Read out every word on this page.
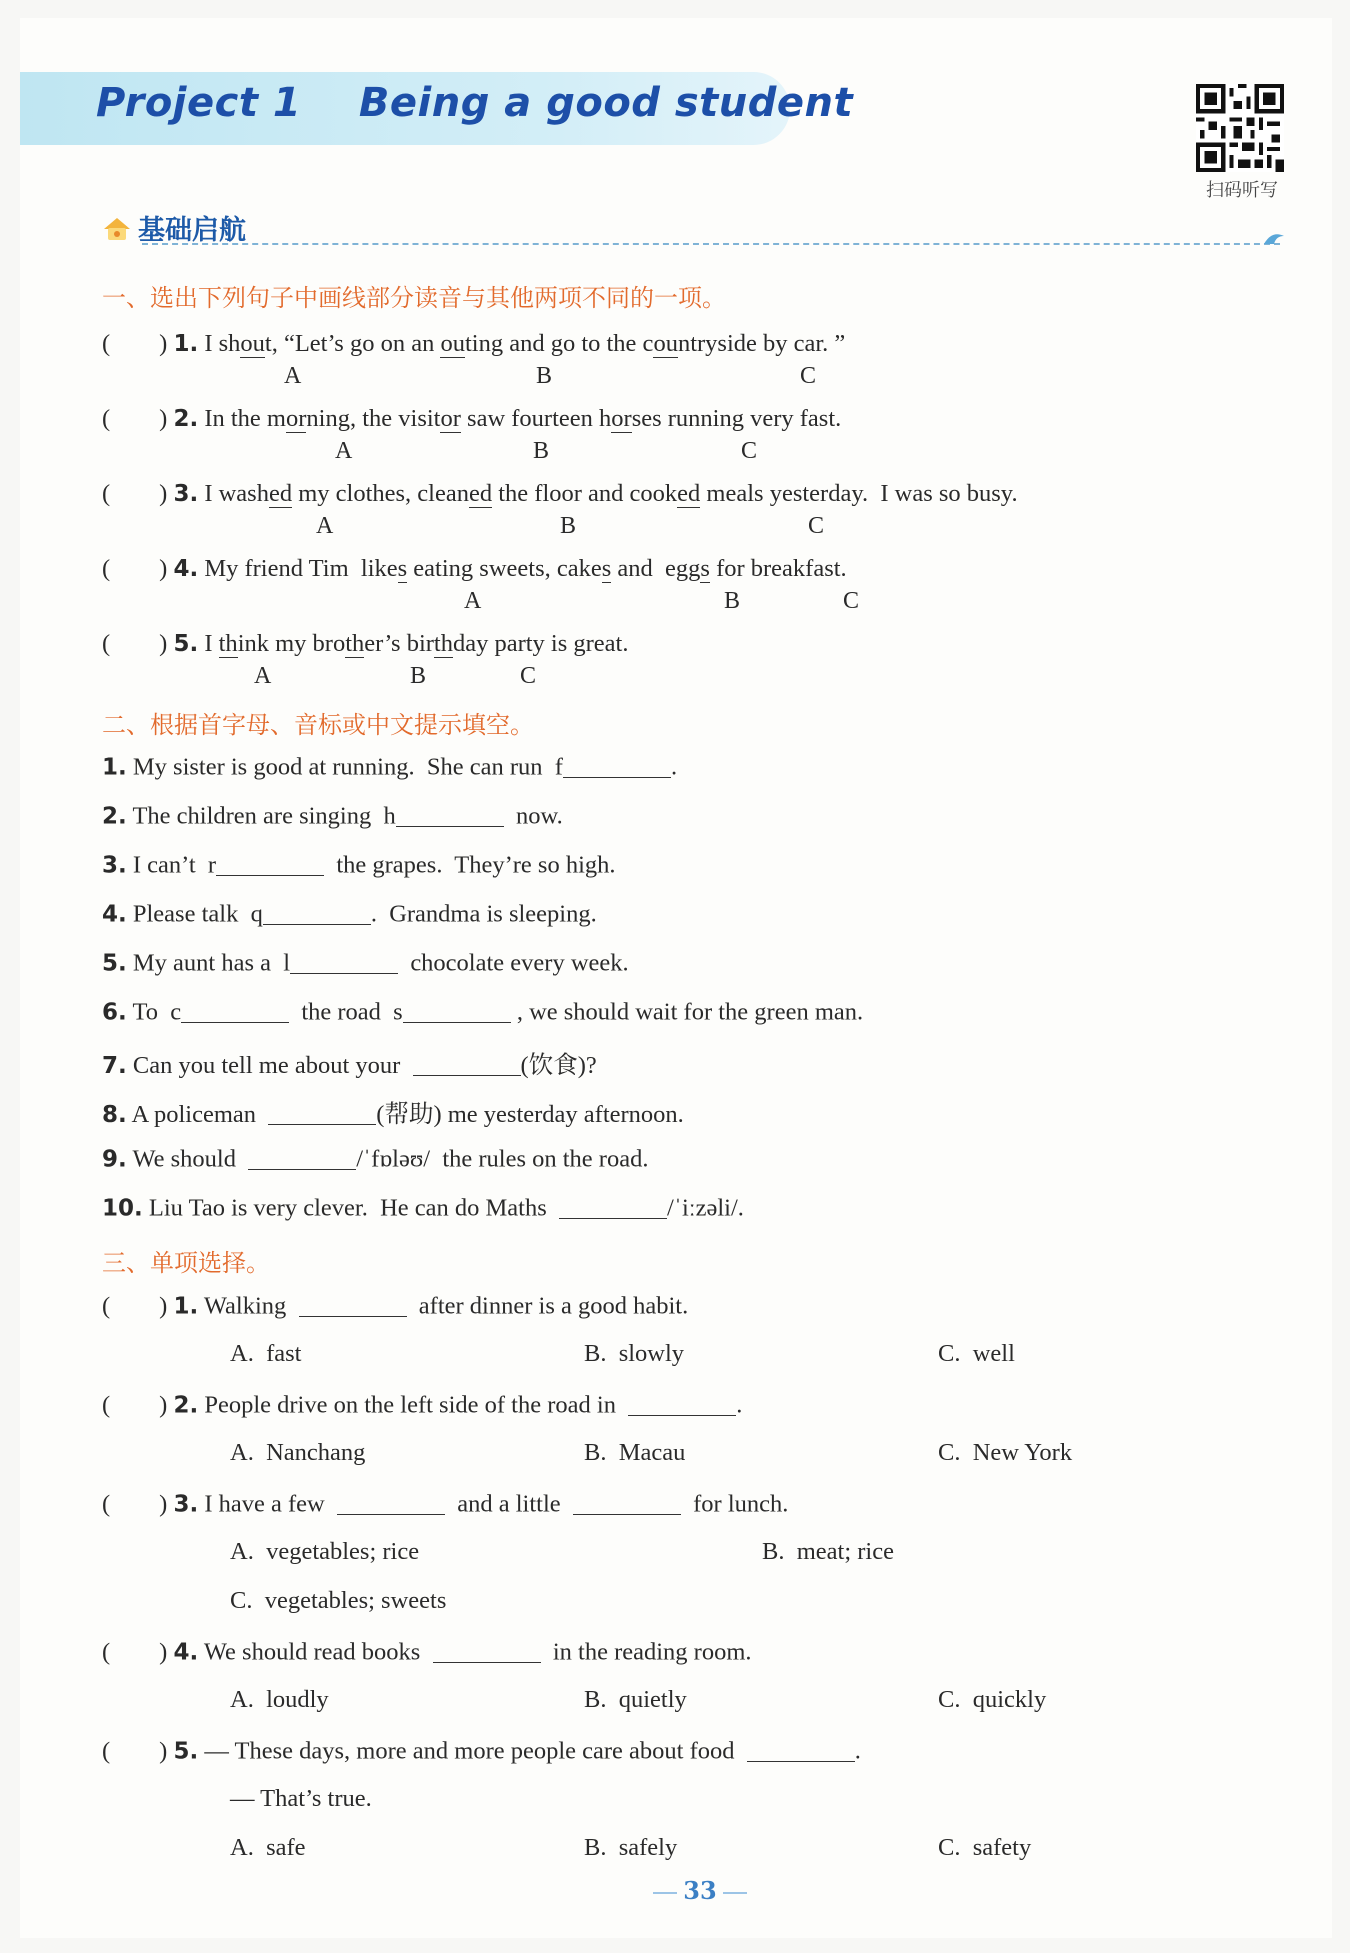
Project 1    Being a good student
扫码听写
基础启航
一、选出下列句子中画线部分读音与其他两项不同的一项。
(        ) 1. I shout, “Let’s go on an outing and go to the countryside by car. ”
A	B	C
(        ) 2. In the morning, the visitor saw fourteen horses running very fast.
A	B	C
(        ) 3. I washed my clothes, cleaned the floor and cooked meals yesterday.  I was so busy.
A	B	C
(        ) 4. My friend Tim  likes eating sweets, cakes and  eggs for breakfast.
A	B	C
(        ) 5. I think my brother’s birthday party is great.
A	B	C
二、根据首字母、音标或中文提示填空。
1. My sister is good at running.  She can run  f	.
2. The children are singing  h	now.
3. I can’t  r	the grapes.  They’re so high.
4. Please talk  q	.  Grandma is sleeping.
5. My aunt has a  l	chocolate every week.
6. To  c	the road  s	, we should wait for the green man.
7. Can you tell me about your	(饮食)?
8. A policeman	(帮助) me yesterday afternoon.
9. We should	/ˈfɒləʊ/  the rules on the road.
10. Liu Tao is very clever.  He can do Maths	/ˈiːzəli/.
三、单项选择。
(        ) 1. Walking	after dinner is a good habit.
A.  fast	B.  slowly	C.  well
(        ) 2. People drive on the left side of the road in	.
A.  Nanchang	B.  Macau	C.  New York
(        ) 3. I have a few	and a little	for lunch.
A.  vegetables; rice	B.  meat; rice
C.  vegetables; sweets
(        ) 4. We should read books	in the reading room.
A.  loudly	B.  quietly	C.  quickly
(        ) 5. — These days, more and more people care about food	.
— That’s true.
A.  safe	B.  safely	C.  safety
33
